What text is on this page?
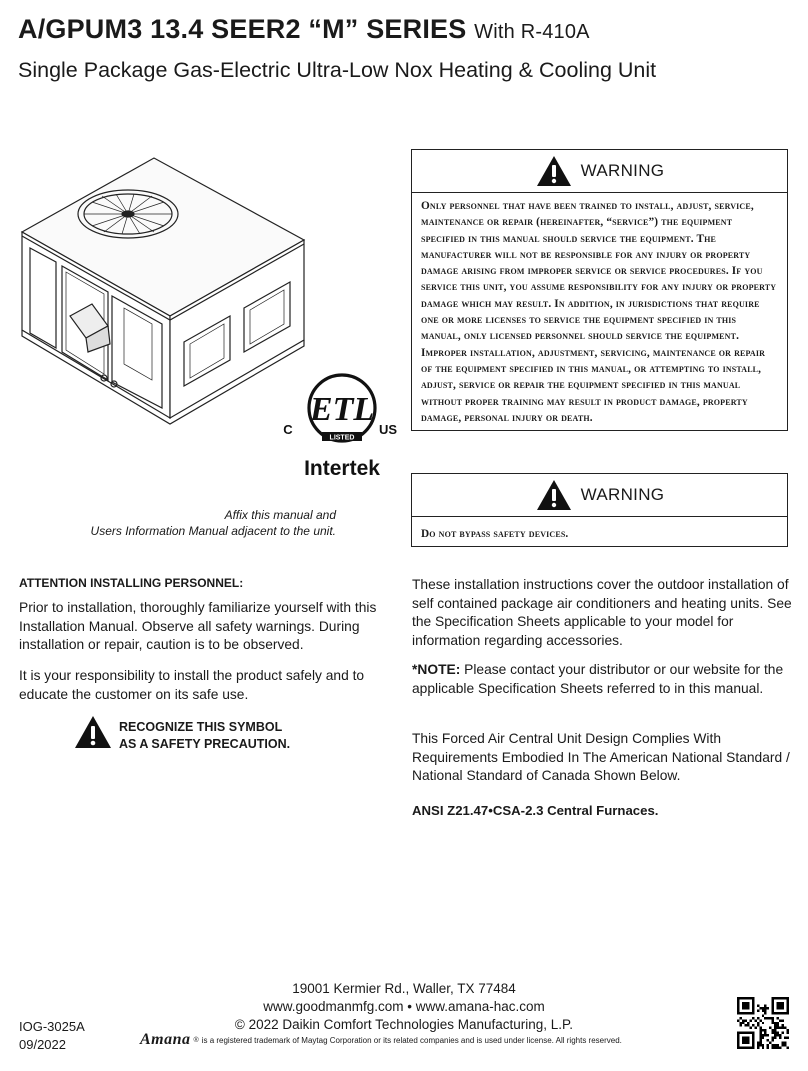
A/GPUM3 13.4 SEER2 “M” SERIES With R-410A
Single Package Gas-Electric Ultra-Low Nox Heating & Cooling Unit
ETL
LISTED
C	US
Intertek
WARNING
Only personnel that have been trained to install, adjust, service, maintenance or repair (hereinafter, “service”) the equipment specified in this manual should service the equipment. The manufacturer will not be responsible for any injury or property damage arising from improper service or service procedures. If you service this unit, you assume responsibility for any injury or property damage which may result. In addition, in jurisdictions that require one or more licenses to service the equipment specified in this manual, only licensed personnel should service the equipment. Improper installation, adjustment, servicing, maintenance or repair of the equipment specified in this manual, or attempting to install, adjust, service or repair the equipment specified in this manual without proper training may result in product damage, property damage, personal injury or death.
WARNING
Do not bypass safety devices.
Affix this manual and
Users Information Manual adjacent to the unit.
ATTENTION INSTALLING PERSONNEL:
Prior to installation, thoroughly familiarize yourself with this Installation Manual. Observe all safety warnings. During installation or repair, caution is to be observed.
It is your responsibility to install the product safely and to educate the customer on its safe use.
RECOGNIZE THIS SYMBOL
AS A SAFETY PRECAUTION.
These installation instructions cover the outdoor installation of self contained package air conditioners and heating units. See the Specification Sheets applicable to your model for information regarding accessories.
*NOTE: Please contact your distributor or our website for the applicable Specification Sheets referred to in this manual.
This Forced Air Central Unit Design Complies With Requirements Embodied In The American National Standard / National Standard of Canada Shown Below.
ANSI Z21.47•CSA-2.3 Central Furnaces.
19001 Kermier Rd., Waller, TX 77484
www.goodmanmfg.com • www.amana-hac.com
© 2022 Daikin Comfort Technologies Manufacturing, L.P.
IOG-3025A
09/2022	Amana ® is a registered trademark of Maytag Corporation or its related companies and is used under license. All rights reserved.
